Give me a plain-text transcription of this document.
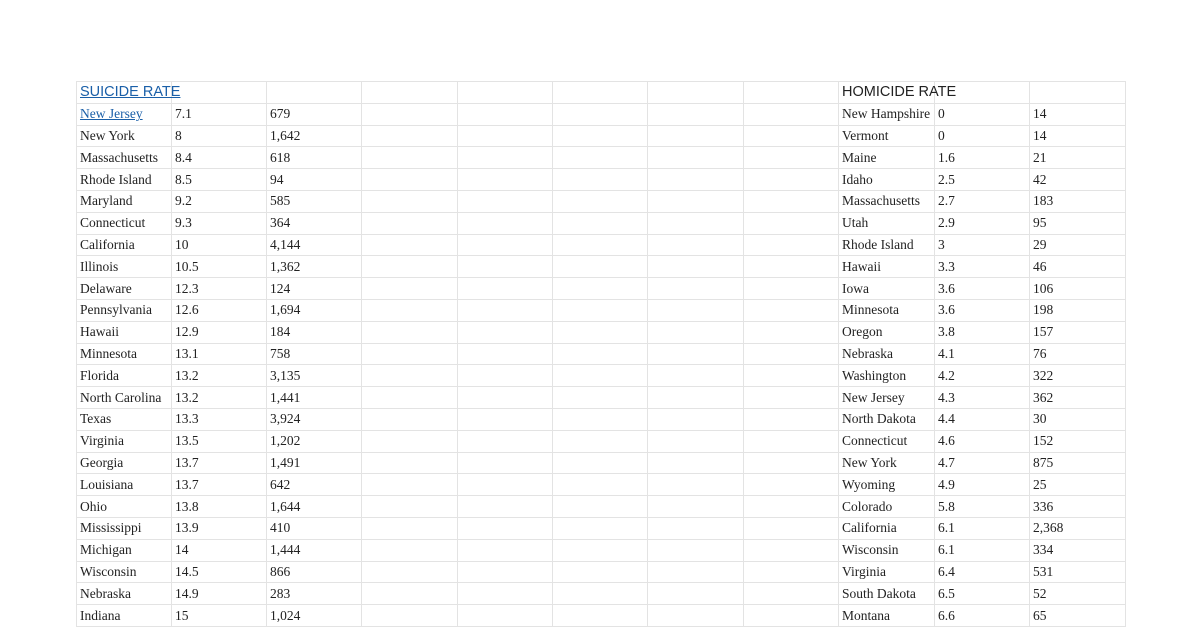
SUICIDE RATE								HOMICIDE RATE		
New Jersey	7.1	679						New Hampshire	0	14
New York	8	1,642						Vermont	0	14
Massachusetts	8.4	618						Maine	1.6	21
Rhode Island	8.5	94						Idaho	2.5	42
Maryland	9.2	585						Massachusetts	2.7	183
Connecticut	9.3	364						Utah	2.9	95
California	10	4,144						Rhode Island	3	29
Illinois	10.5	1,362						Hawaii	3.3	46
Delaware	12.3	124						Iowa	3.6	106
Pennsylvania	12.6	1,694						Minnesota	3.6	198
Hawaii	12.9	184						Oregon	3.8	157
Minnesota	13.1	758						Nebraska	4.1	76
Florida	13.2	3,135						Washington	4.2	322
North Carolina	13.2	1,441						New Jersey	4.3	362
Texas	13.3	3,924						North Dakota	4.4	30
Virginia	13.5	1,202						Connecticut	4.6	152
Georgia	13.7	1,491						New York	4.7	875
Louisiana	13.7	642						Wyoming	4.9	25
Ohio	13.8	1,644						Colorado	5.8	336
Mississippi	13.9	410						California	6.1	2,368
Michigan	14	1,444						Wisconsin	6.1	334
Wisconsin	14.5	866						Virginia	6.4	531
Nebraska	14.9	283						South Dakota	6.5	52
Indiana	15	1,024						Montana	6.6	65
